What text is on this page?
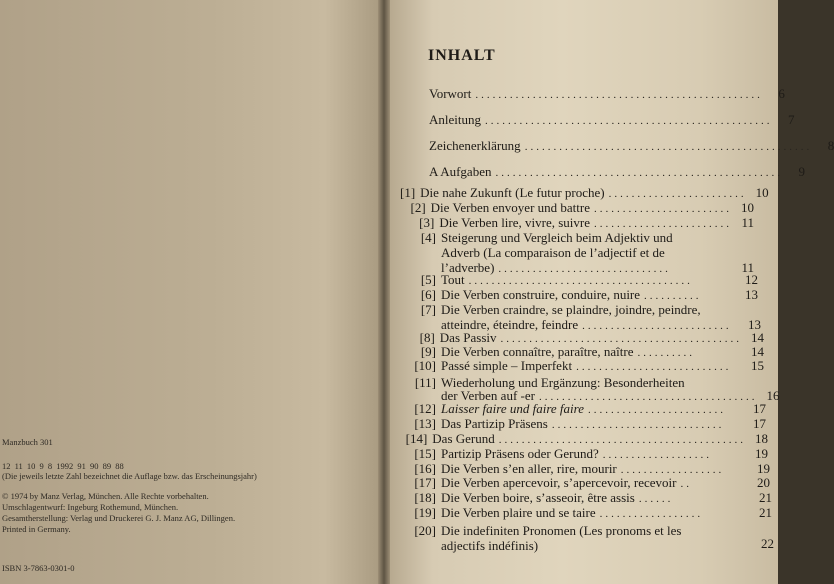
Manzbuch 301
12 11 10 9 8 1992 91 90 89 88
(Die jeweils letzte Zahl bezeichnet die Auflage bzw. das Erscheinungsjahr)
© 1974 by Manz Verlag, München. Alle Rechte vorbehalten.
Umschlagentwurf: Ingeburg Rothemund, München.
Gesamtherstellung: Verlag und Druckerei G. J. Manz AG, Dillingen.
Printed in Germany.
ISBN 3-7863-0301-0
INHALT
Vorwort ..................................................	6
Anleitung ..................................................	7
Zeichenerklärung ..................................................	8
A Aufgaben ..................................................	9
[1] Die nahe Zukunft (Le futur proche) ........................ 10
[2] Die Verben envoyer und battre ........................ 10
[3] Die Verben lire, vivre, suivre ........................ 11
[4] Steigerung und Vergleich beim Adjektiv und
Adverb (La comparaison de l’adjectif et de
l’adverbe) ..............................	11
[5] Tout .......................................	12
[6] Die Verben construire, conduire, nuire ..........	13
[7] Die Verben craindre, se plaindre, joindre, peindre,
atteindre, éteindre, feindre ..........................	13
[8] Das Passiv .......................................... 14
[9] Die Verben connaître, paraître, naître ..........	14
[10] Passé simple – Imperfekt ...........................	15
[11] Wiederholung und Ergänzung: Besonderheiten
der Verben auf -er ...................................... 16
[12] Laisser faire und faire faire ........................	17
[13] Das Partizip Präsens ..............................	17
[14] Das Gerund ........................................... 18
[15] Partizip Präsens oder Gerund? ...................	19
[16] Die Verben s’en aller, rire, mourir ..................	19
[17] Die Verben apercevoir, s’apercevoir, recevoir ..	20
[18] Die Verben boire, s’asseoir, être assis ......	21
[19] Die Verben plaire und se taire ..................	21
[20] Die indefiniten Pronomen (Les pronoms et les
adjectifs indéfinis)	22
